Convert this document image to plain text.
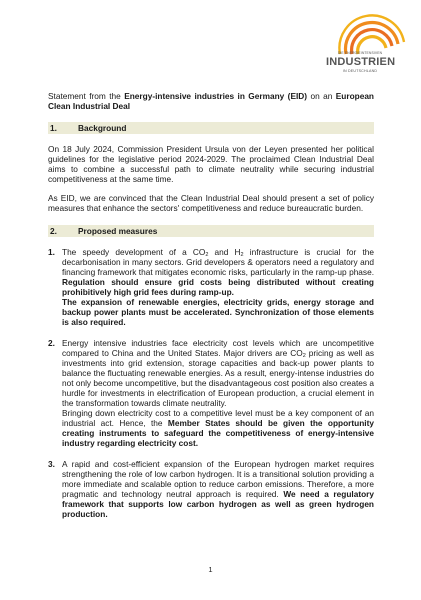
DIE ENERGIEINTENSIVEN
INDUSTRIEN
IN DEUTSCHLAND

Statement from the Energy-intensive industries in Germany (EID) on an European Clean Industrial Deal

1.	Background

On 18 July 2024, Commission President Ursula von der Leyen presented her political guidelines for the legislative period 2024-2029. The proclaimed Clean Industrial Deal aims to combine a successful path to climate neutrality while securing industrial competitiveness at the same time.

As EID, we are convinced that the Clean Industrial Deal should present a set of policy measures that enhance the sectors' competitiveness and reduce bureaucratic burden.

2.	Proposed measures
1. The speedy development of a $CO_2$ and $H_2$ infrastructure is crucial for the decarbonisation in many sectors. Grid developers & operators need a regulatory and financing framework that mitigates economic risks, particularly in the ramp-up phase. Regulation should ensure grid costs being distributed without creating prohibitively high grid fees during ramp-up.
The expansion of renewable energies, electricity grids, energy storage and backup power plants must be accelerated. Synchronization of those elements is also required.
2. Energy intensive industries face electricity cost levels which are uncompetitive compared to China and the United States. Major drivers are $CO_2$ pricing as well as investments into grid extension, storage capacities and back-up power plants to balance the fluctuating renewable energies. As a result, energy-intense industries do not only become uncompetitive, but the disadvantageous cost position also creates a hurdle for investments in electrification of European production, a crucial element in the transformation towards climate neutrality.
Bringing down electricity cost to a competitive level must be a key component of an industrial act. Hence, the Member States should be given the opportunity creating instruments to safeguard the competitiveness of energy-intensive industry regarding electricity cost.
3. A rapid and cost-efficient expansion of the European hydrogen market requires strengthening the role of low carbon hydrogen. It is a transitional solution providing a more immediate and scalable option to reduce carbon emissions. Therefore, a more pragmatic and technology neutral approach is required. We need a regulatory framework that supports low carbon hydrogen as well as green hydrogen production.
1
